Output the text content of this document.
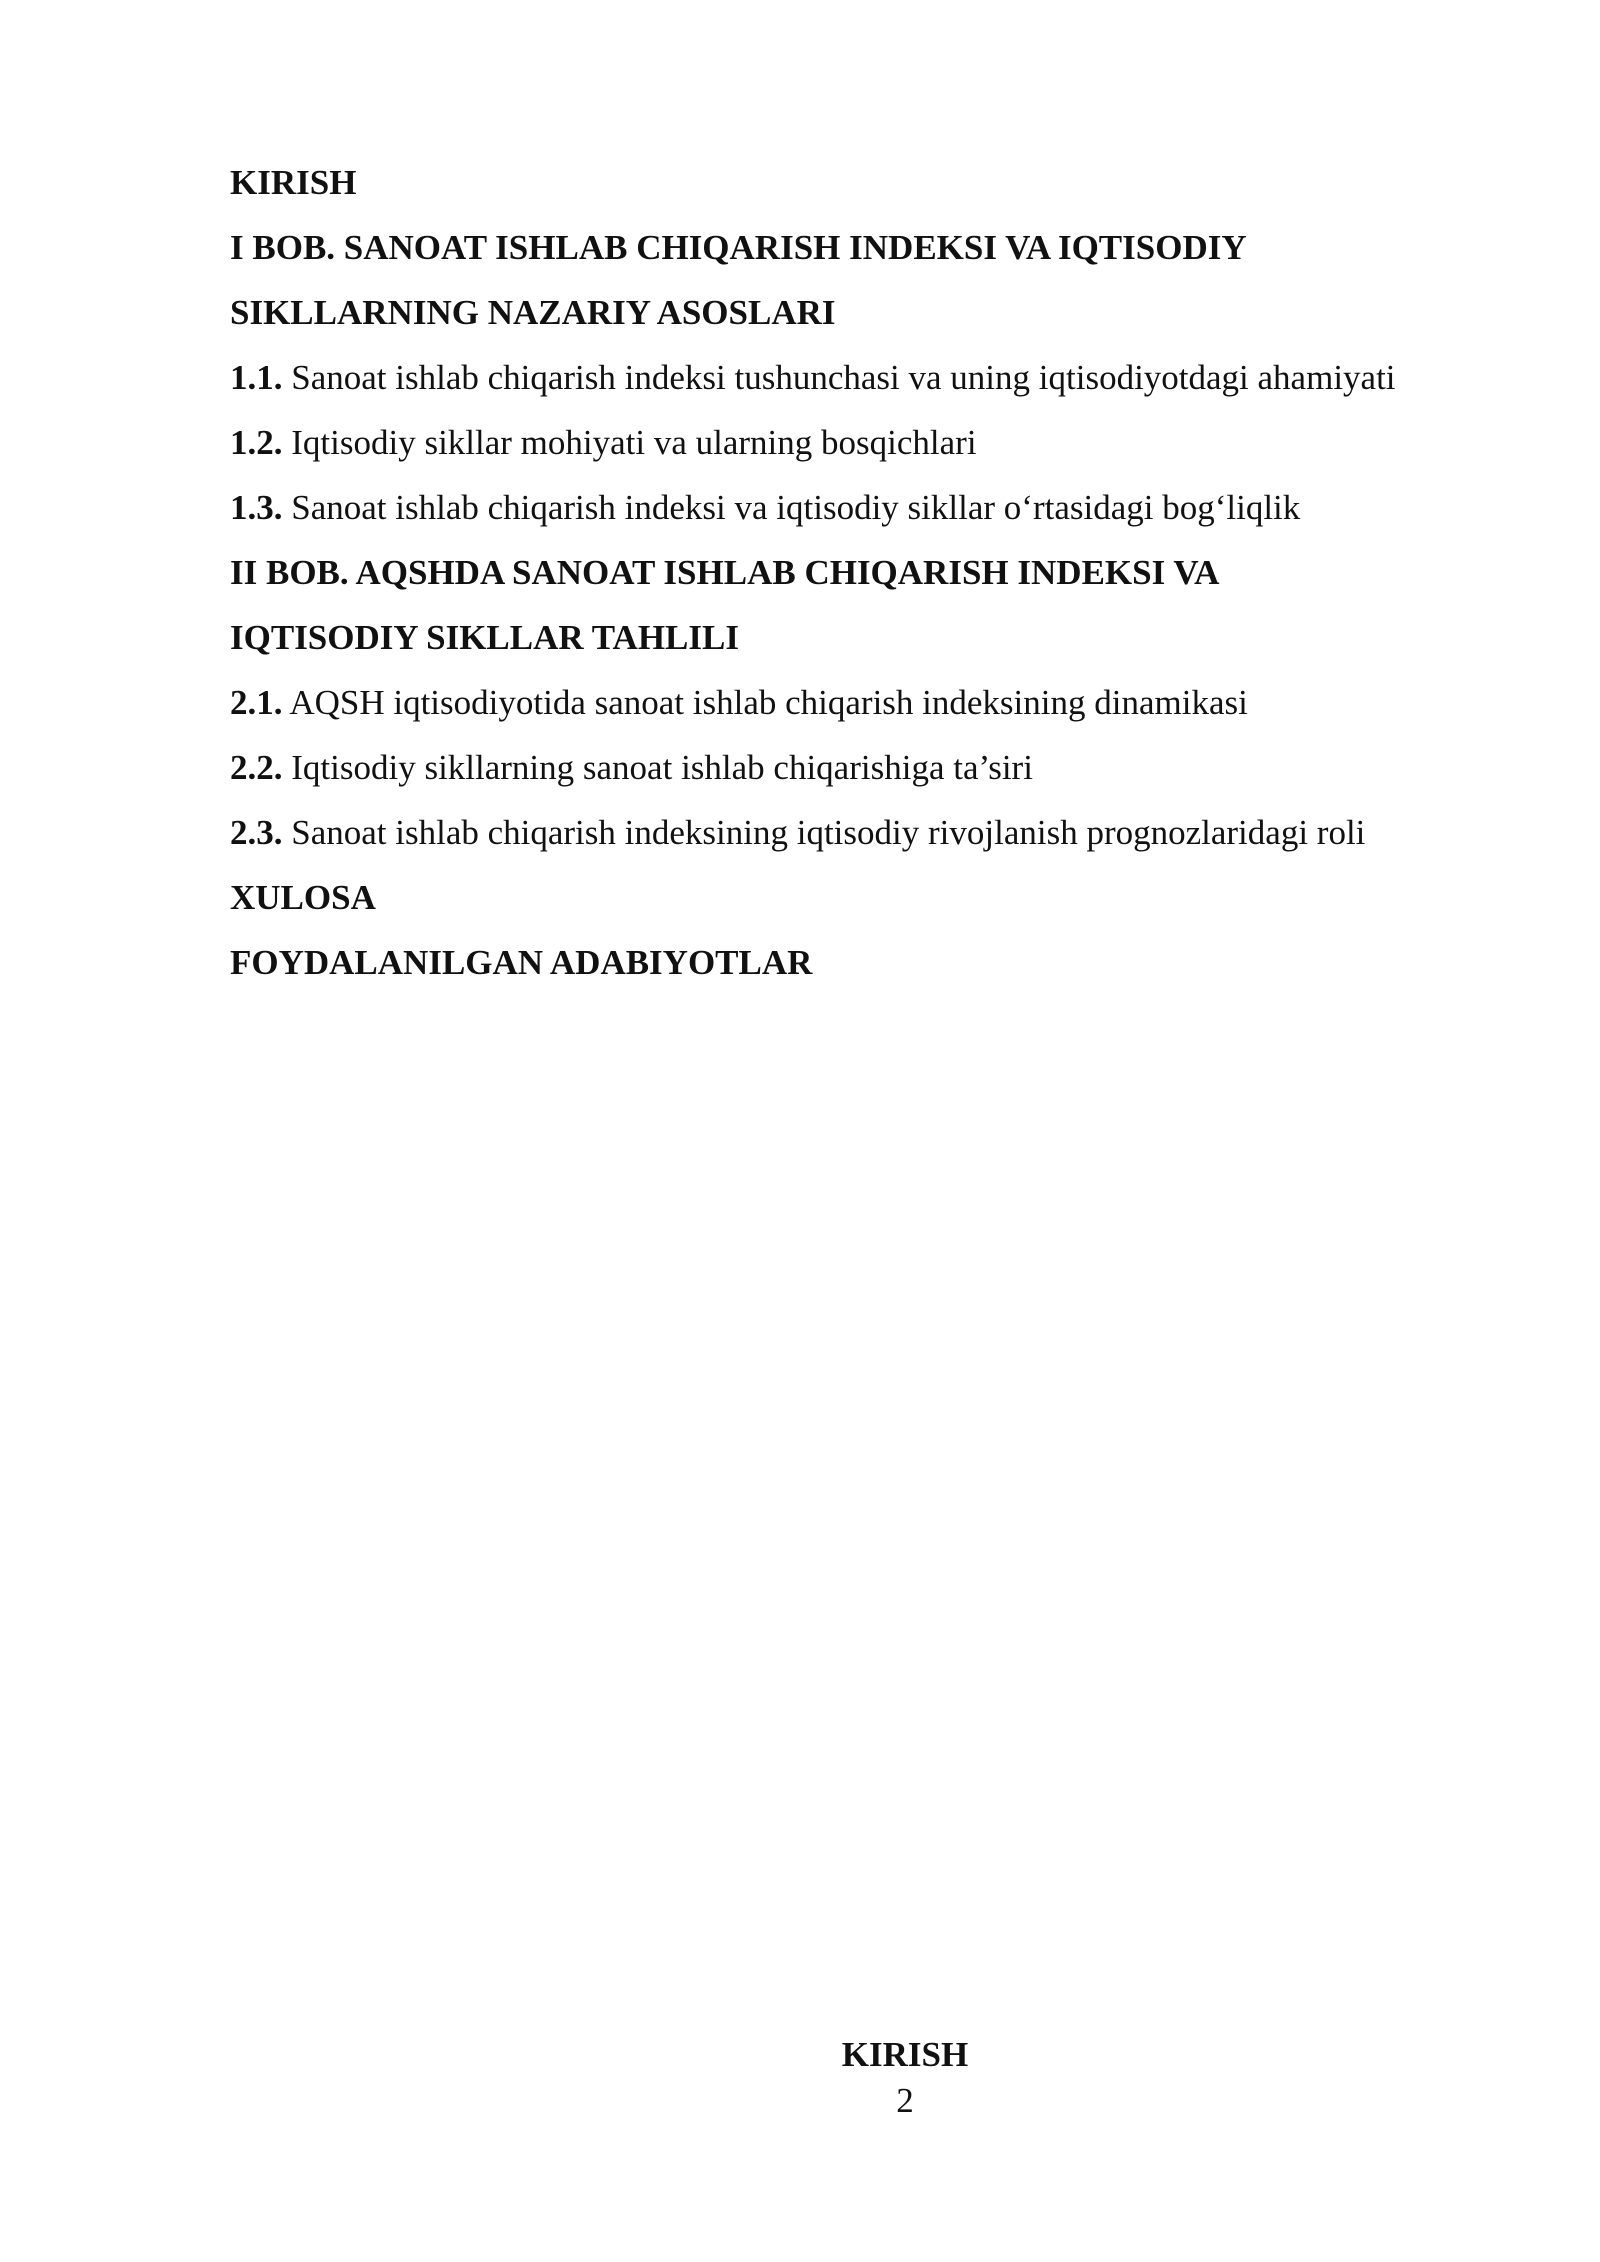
KIRISH
I BOB. SANOAT ISHLAB CHIQARISH INDEKSI VA IQTISODIY
SIKLLARNING NAZARIY ASOSLARI
1.1. Sanoat ishlab chiqarish indeksi tushunchasi va uning iqtisodiyotdagi ahamiyati
1.2. Iqtisodiy sikllar mohiyati va ularning bosqichlari
1.3. Sanoat ishlab chiqarish indeksi va iqtisodiy sikllar o‘rtasidagi bog‘liqlik
II BOB. AQSHDA SANOAT ISHLAB CHIQARISH INDEKSI VA
IQTISODIY SIKLLAR TAHLILI
2.1. AQSH iqtisodiyotida sanoat ishlab chiqarish indeksining dinamikasi
2.2. Iqtisodiy sikllarning sanoat ishlab chiqarishiga ta’siri
2.3. Sanoat ishlab chiqarish indeksining iqtisodiy rivojlanish prognozlaridagi roli
XULOSA
FOYDALANILGAN ADABIYOTLAR
KIRISH
2
